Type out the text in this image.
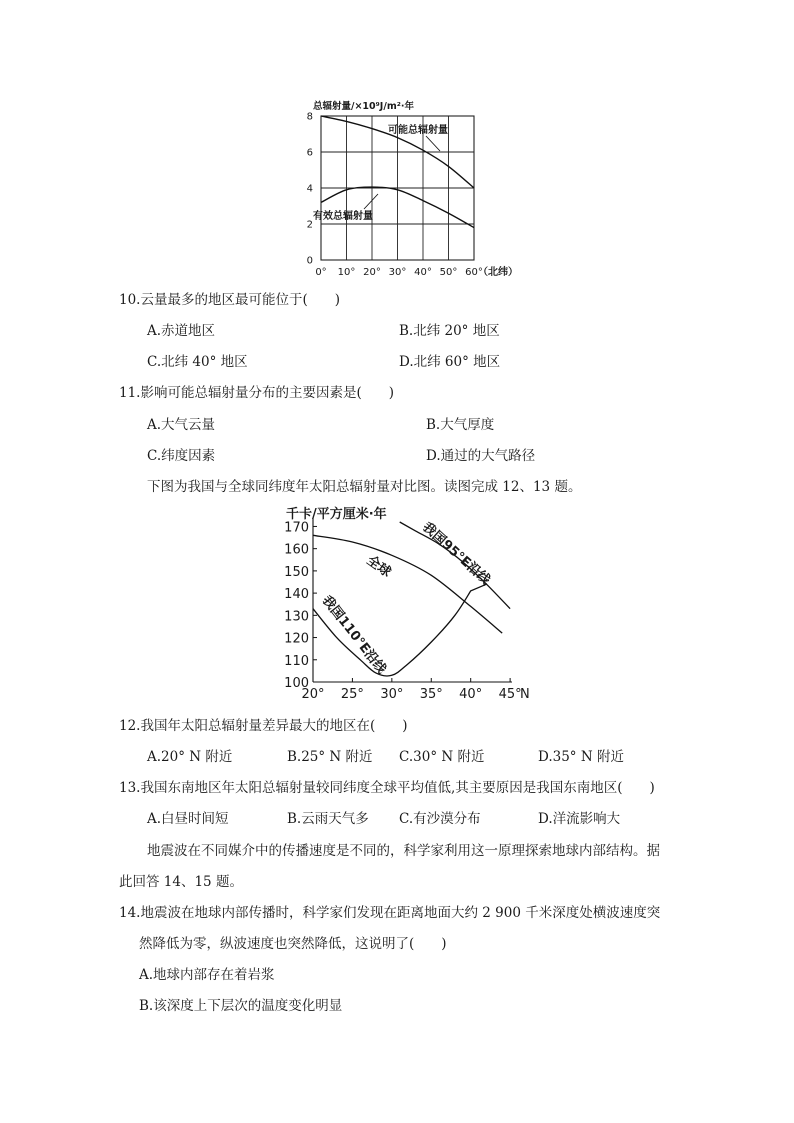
总辐射量/×10⁹J/m²·年
0
2
4
6
8
0° 10° 20° 30° 40° 50° 60°
（北纬）
可能总辐射量
有效总辐射量
10.云量最多的地区最可能位于(　　)
A.赤道地区	B.北纬 20° 地区
C.北纬 40° 地区	D.北纬 60° 地区
11.影响可能总辐射量分布的主要因素是(　　)
A.大气云量	B.大气厚度
C.纬度因素	D.通过的大气路径
下图为我国与全球同纬度年太阳总辐射量对比图。读图完成 12、13 题。
千卡/平方厘米·年
100
110
120
130
140
150
160
170
20° 25° 30° 35° 40° 45°
N
我国95°E沿线
全球
我国110°E沿线
12.我国年太阳总辐射量差异最大的地区在(　　)
A.20° N 附近	B.25° N 附近 C.30° N 附近	D.35° N 附近
13.我国东南地区年太阳总辐射量较同纬度全球平均值低,其主要原因是我国东南地区(　　)
A.白昼时间短	B.云雨天气多 C.有沙漠分布	D.洋流影响大
地震波在不同媒介中的传播速度是不同的，科学家利用这一原理探索地球内部结构。据
此回答 14、15 题。
14.地震波在地球内部传播时，科学家们发现在距离地面大约 2 900 千米深度处横波速度突
然降低为零，纵波速度也突然降低，这说明了(　　)
A.地球内部存在着岩浆
B.该深度上下层次的温度变化明显
